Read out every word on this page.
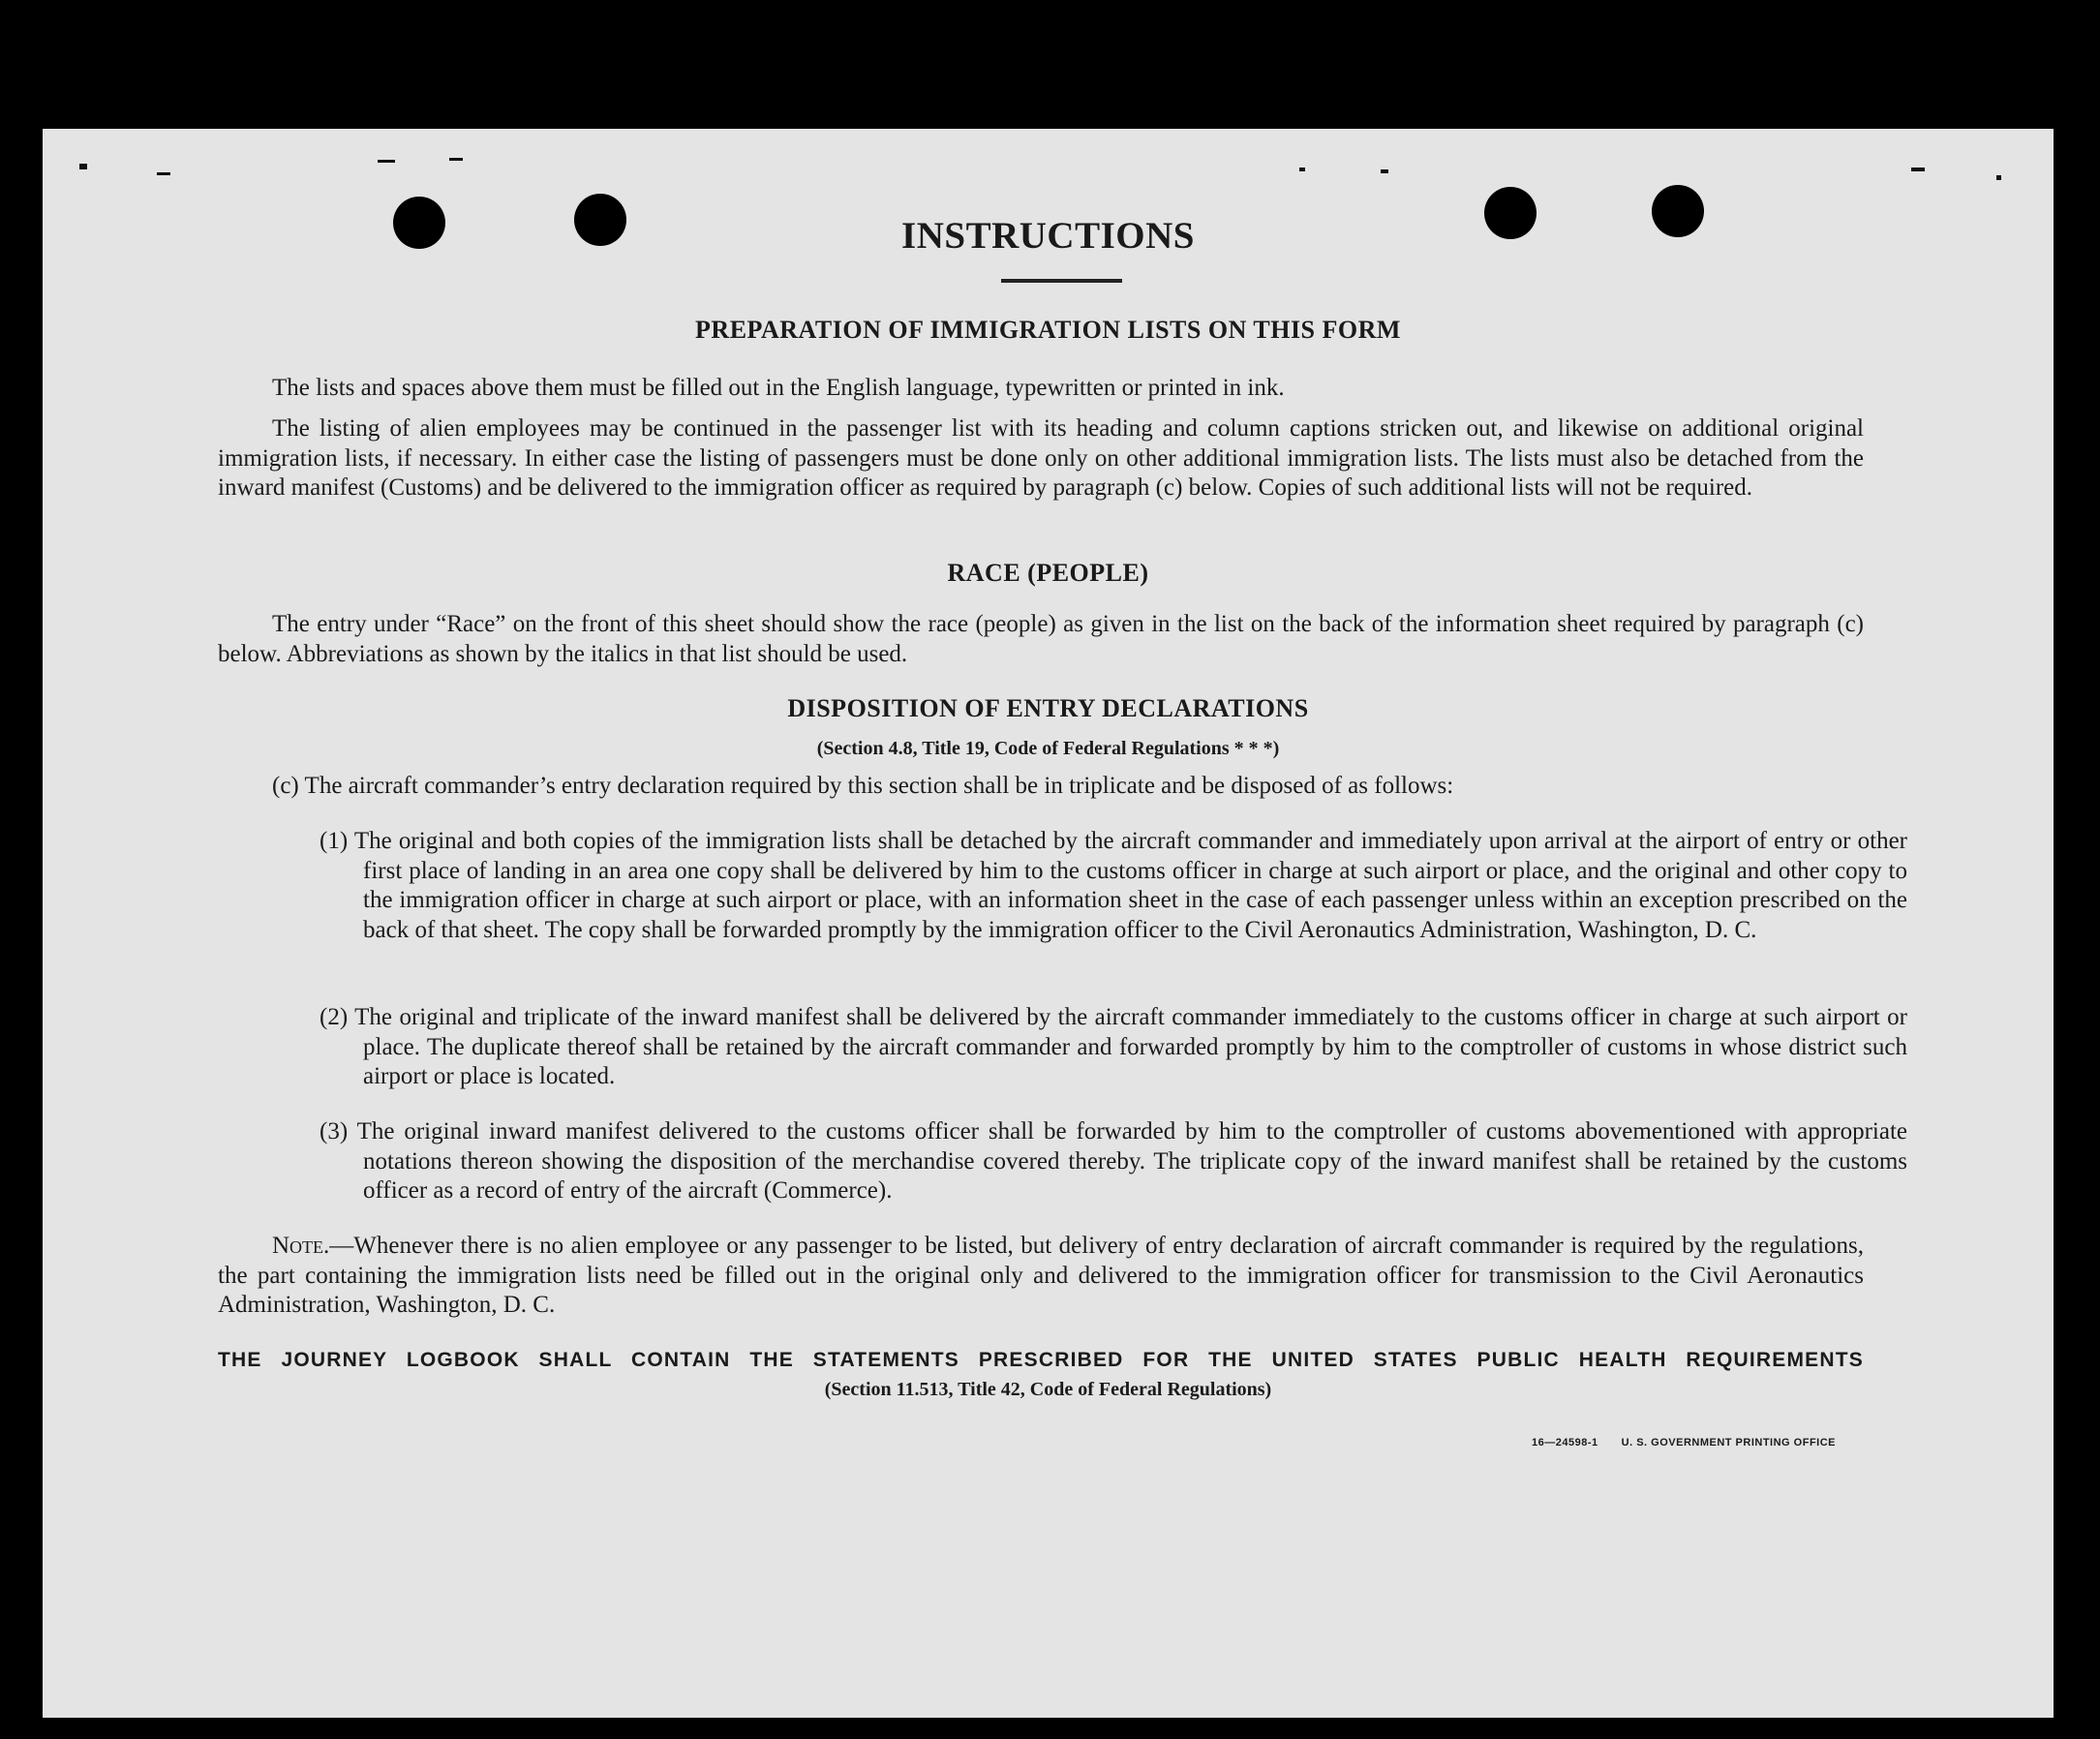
INSTRUCTIONS
PREPARATION OF IMMIGRATION LISTS ON THIS FORM
The lists and spaces above them must be filled out in the English language, typewritten or printed in ink.
The listing of alien employees may be continued in the passenger list with its heading and column captions stricken out, and likewise on additional original immigration lists, if necessary. In either case the listing of passengers must be done only on other additional immigration lists. The lists must also be detached from the inward manifest (Customs) and be delivered to the immigration officer as required by paragraph (c) below. Copies of such additional lists will not be required.
RACE (PEOPLE)
The entry under “Race” on the front of this sheet should show the race (people) as given in the list on the back of the information sheet required by paragraph (c) below. Abbreviations as shown by the italics in that list should be used.
DISPOSITION OF ENTRY DECLARATIONS
(Section 4.8, Title 19, Code of Federal Regulations * * *)
(c) The aircraft commander’s entry declaration required by this section shall be in triplicate and be disposed of as follows:
(1) The original and both copies of the immigration lists shall be detached by the aircraft commander and immediately upon arrival at the airport of entry or other first place of landing in an area one copy shall be delivered by him to the customs officer in charge at such airport or place, and the original and other copy to the immigration officer in charge at such airport or place, with an information sheet in the case of each passenger unless within an exception prescribed on the back of that sheet. The copy shall be forwarded promptly by the immigration officer to the Civil Aeronautics Administration, Washington, D. C.
(2) The original and triplicate of the inward manifest shall be delivered by the aircraft commander immediately to the customs officer in charge at such airport or place. The duplicate thereof shall be retained by the aircraft commander and forwarded promptly by him to the comptroller of customs in whose district such airport or place is located.
(3) The original inward manifest delivered to the customs officer shall be forwarded by him to the comptroller of customs abovementioned with appropriate notations thereon showing the disposition of the merchandise covered thereby. The triplicate copy of the inward manifest shall be retained by the customs officer as a record of entry of the aircraft (Commerce).
Note.—Whenever there is no alien employee or any passenger to be listed, but delivery of entry declaration of aircraft commander is required by the regulations, the part containing the immigration lists need be filled out in the original only and delivered to the immigration officer for transmission to the Civil Aeronautics Administration, Washington, D. C.
THE JOURNEY LOGBOOK SHALL CONTAIN THE STATEMENTS PRESCRIBED FOR THE UNITED STATES PUBLIC HEALTH REQUIREMENTS
(Section 11.513, Title 42, Code of Federal Regulations)
16—24598-1 U. S. GOVERNMENT PRINTING OFFICE
